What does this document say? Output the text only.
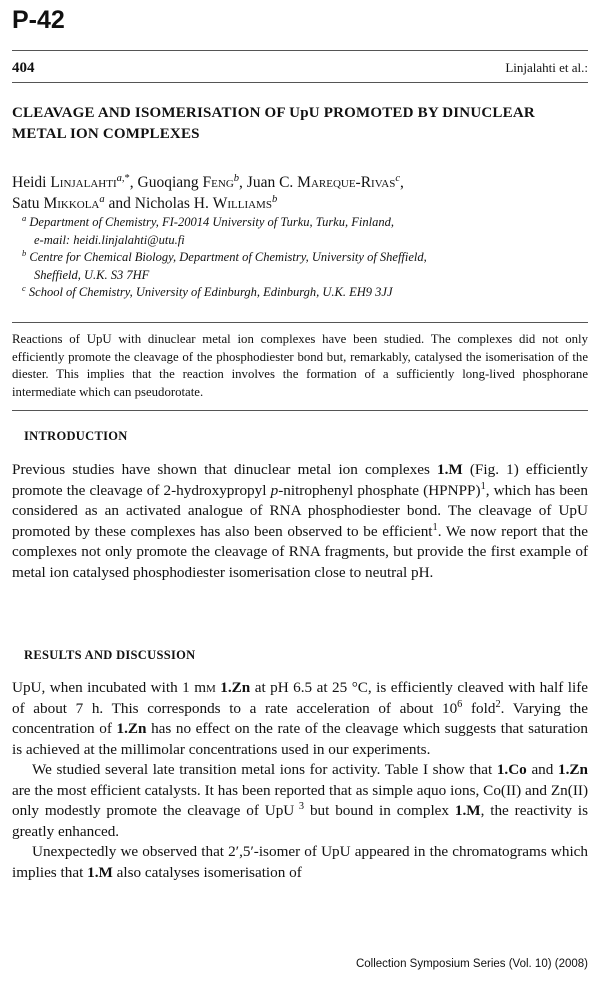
P-42
404	Linjalahti et al.:
CLEAVAGE AND ISOMERISATION OF UpU PROMOTED BY DINUCLEAR METAL ION COMPLEXES
Heidi Linjalahti$^{a,*}$, Guoqiang Feng$^b$, Juan C. Mareque-Rivas$^c$,
Satu Mikkola$^a$ and Nicholas H. Williams$^b$
$^a$ Department of Chemistry, FI-20014 University of Turku, Turku, Finland,
e-mail: heidi.linjalahti@utu.fi
$^b$ Centre for Chemical Biology, Department of Chemistry, University of Sheffield,
Sheffield, U.K. S3 7HF
$^c$ School of Chemistry, University of Edinburgh, Edinburgh, U.K. EH9 3JJ
Reactions of UpU with dinuclear metal ion complexes have been studied. The complexes did not only efficiently promote the cleavage of the phosphodiester bond but, remarkably, catalysed the isomerisation of the diester. This implies that the reaction involves the formation of a sufficiently long-lived phosphorane intermediate which can pseudorotate.
INTRODUCTION

Previous studies have shown that dinuclear metal ion complexes 1.M (Fig. 1) efficiently promote the cleavage of 2-hydroxypropyl p-nitrophenyl phosphate (HPNPP)$^1$, which has been considered as an activated analogue of RNA phosphodiester bond. The cleavage of UpU promoted by these complexes has also been observed to be efficient$^1$. We now report that the complexes not only promote the cleavage of RNA fragments, but provide the first example of metal ion catalysed phosphodiester isomerisation close to neutral pH.

RESULTS AND DISCUSSION

UpU, when incubated with 1 mm 1.Zn at pH 6.5 at 25 °C, is efficiently cleaved with half life of about 7 h. This corresponds to a rate acceleration of about $10^6$ fold$^2$. Varying the concentration of 1.Zn has no effect on the rate of the cleavage which suggests that saturation is achieved at the millimolar concentrations used in our experiments.

We studied several late transition metal ions for activity. Table I show that 1.Co and 1.Zn are the most efficient catalysts. It has been reported that as simple aquo ions, Co(II) and Zn(II) only modestly promote the cleavage of UpU $^3$ but bound in complex 1.M, the reactivity is greatly enhanced.

Unexpectedly we observed that 2′,5′-isomer of UpU appeared in the chromatograms which implies that 1.M also catalyses isomerisation of

Collection Symposium Series (Vol. 10) (2008)
